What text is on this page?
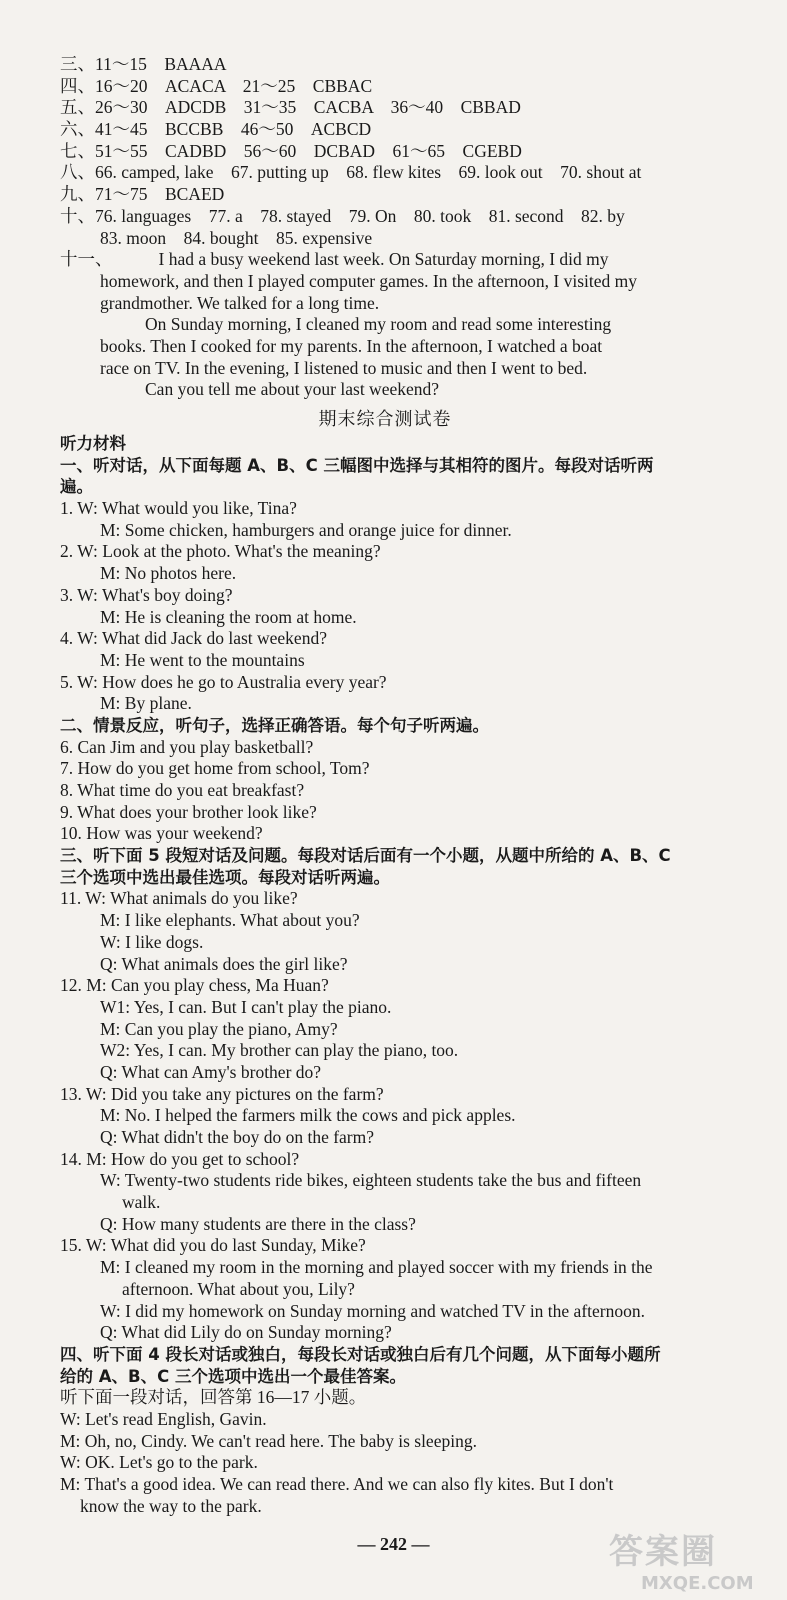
三、11～15　BAAAA
四、16～20　ACACA　21～25　CBBAC
五、26～30　ADCDB　31～35　CACBA　36～40　CBBAD
六、41～45　BCCBB　46～50　ACBCD
七、51～55　CADBD　56～60　DCBAD　61～65　CGEBD
八、66. camped, lake　67. putting up　68. flew kites　69. look out　70. shout at
九、71～75　BCAED
十、76. languages　77. a　78. stayed　79. On　80. took　81. second　82. by
83. moon　84. bought　85. expensive
十一、	I had a busy weekend last week. On Saturday morning, I did my
homework, and then I played computer games. In the afternoon, I visited my
grandmother. We talked for a long time.
On Sunday morning, I cleaned my room and read some interesting
books. Then I cooked for my parents. In the afternoon, I watched a boat
race on TV. In the evening, I listened to music and then I went to bed.
Can you tell me about your last weekend?
期末综合测试卷
听力材料
一、听对话，从下面每题 A、B、C 三幅图中选择与其相符的图片。每段对话听两
遍。
1. W: What would you like, Tina?
M: Some chicken, hamburgers and orange juice for dinner.
2. W: Look at the photo. What's the meaning?
M: No photos here.
3. W: What's boy doing?
M: He is cleaning the room at home.
4. W: What did Jack do last weekend?
M: He went to the mountains
5. W: How does he go to Australia every year?
M: By plane.
二、情景反应，听句子，选择正确答语。每个句子听两遍。
6. Can Jim and you play basketball?
7. How do you get home from school, Tom?
8. What time do you eat breakfast?
9. What does your brother look like?
10. How was your weekend?
三、听下面 5 段短对话及问题。每段对话后面有一个小题，从题中所给的 A、B、C
三个选项中选出最佳选项。每段对话听两遍。
11. W: What animals do you like?
M: I like elephants. What about you?
W: I like dogs.
Q: What animals does the girl like?
12. M: Can you play chess, Ma Huan?
W1: Yes, I can. But I can't play the piano.
M: Can you play the piano, Amy?
W2: Yes, I can. My brother can play the piano, too.
Q: What can Amy's brother do?
13. W: Did you take any pictures on the farm?
M: No. I helped the farmers milk the cows and pick apples.
Q: What didn't the boy do on the farm?
14. M: How do you get to school?
W: Twenty-two students ride bikes, eighteen students take the bus and fifteen
walk.
Q: How many students are there in the class?
15. W: What did you do last Sunday, Mike?
M: I cleaned my room in the morning and played soccer with my friends in the
afternoon. What about you, Lily?
W: I did my homework on Sunday morning and watched TV in the afternoon.
Q: What did Lily do on Sunday morning?
四、听下面 4 段长对话或独白，每段长对话或独白后有几个问题，从下面每小题所
给的 A、B、C 三个选项中选出一个最佳答案。
听下面一段对话，回答第 16—17 小题。
W: Let's read English, Gavin.
M: Oh, no, Cindy. We can't read here. The baby is sleeping.
W: OK. Let's go to the park.
M: That's a good idea. We can read there. And we can also fly kites. But I don't
know the way to the park.
— 242 —	答案圈
MXQE.COM
